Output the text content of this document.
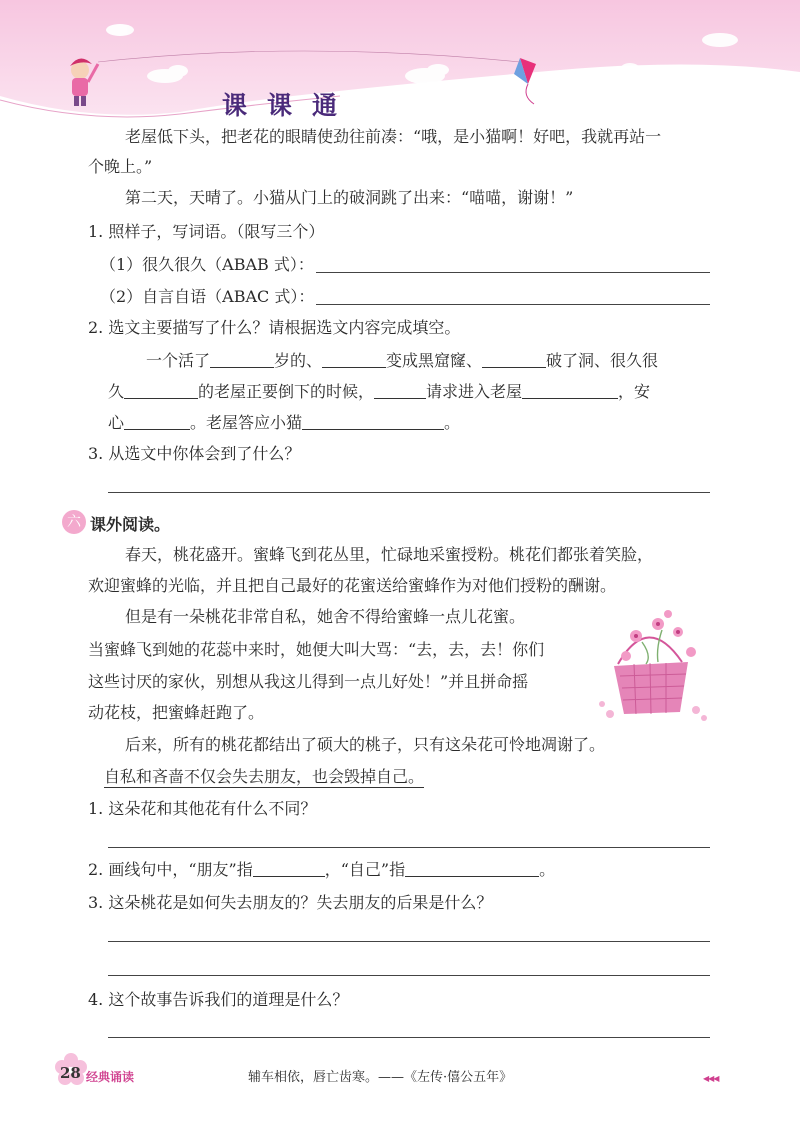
课课通
老屋低下头，把老花的眼睛使劲往前凑：“哦，是小猫啊！好吧，我就再站一
个晚上。”
第二天，天晴了。小猫从门上的破洞跳了出来：“喵喵，谢谢！”
1. 照样子，写词语。（限写三个）
（1）很久很久（ABAB 式）：
（2）自言自语（ABAC 式）：
2. 选文主要描写了什么？请根据选文内容完成填空。
一个活了	岁的、	变成黑窟窿、	破了洞、很久很
久	的老屋正要倒下的时候，	请求进入老屋	，安
心	。老屋答应小猫	。
3. 从选文中你体会到了什么？
六 课外阅读。
春天，桃花盛开。蜜蜂飞到花丛里，忙碌地采蜜授粉。桃花们都张着笑脸，
欢迎蜜蜂的光临，并且把自己最好的花蜜送给蜜蜂作为对他们授粉的酬谢。
但是有一朵桃花非常自私，她舍不得给蜜蜂一点儿花蜜。
当蜜蜂飞到她的花蕊中来时，她便大叫大骂：“去，去，去！你们
这些讨厌的家伙，别想从我这儿得到一点儿好处！”并且拼命摇
动花枝，把蜜蜂赶跑了。
后来，所有的桃花都结出了硕大的桃子，只有这朵花可怜地凋谢了。
自私和吝啬不仅会失去朋友，也会毁掉自己。
1. 这朵花和其他花有什么不同？
2. 画线句中，“朋友”指	，“自己”指	。
3. 这朵桃花是如何失去朋友的？失去朋友的后果是什么？
4. 这个故事告诉我们的道理是什么？
28 经典诵读	辅车相依，唇亡齿寒。——《左传·僖公五年》	◀◀◀
